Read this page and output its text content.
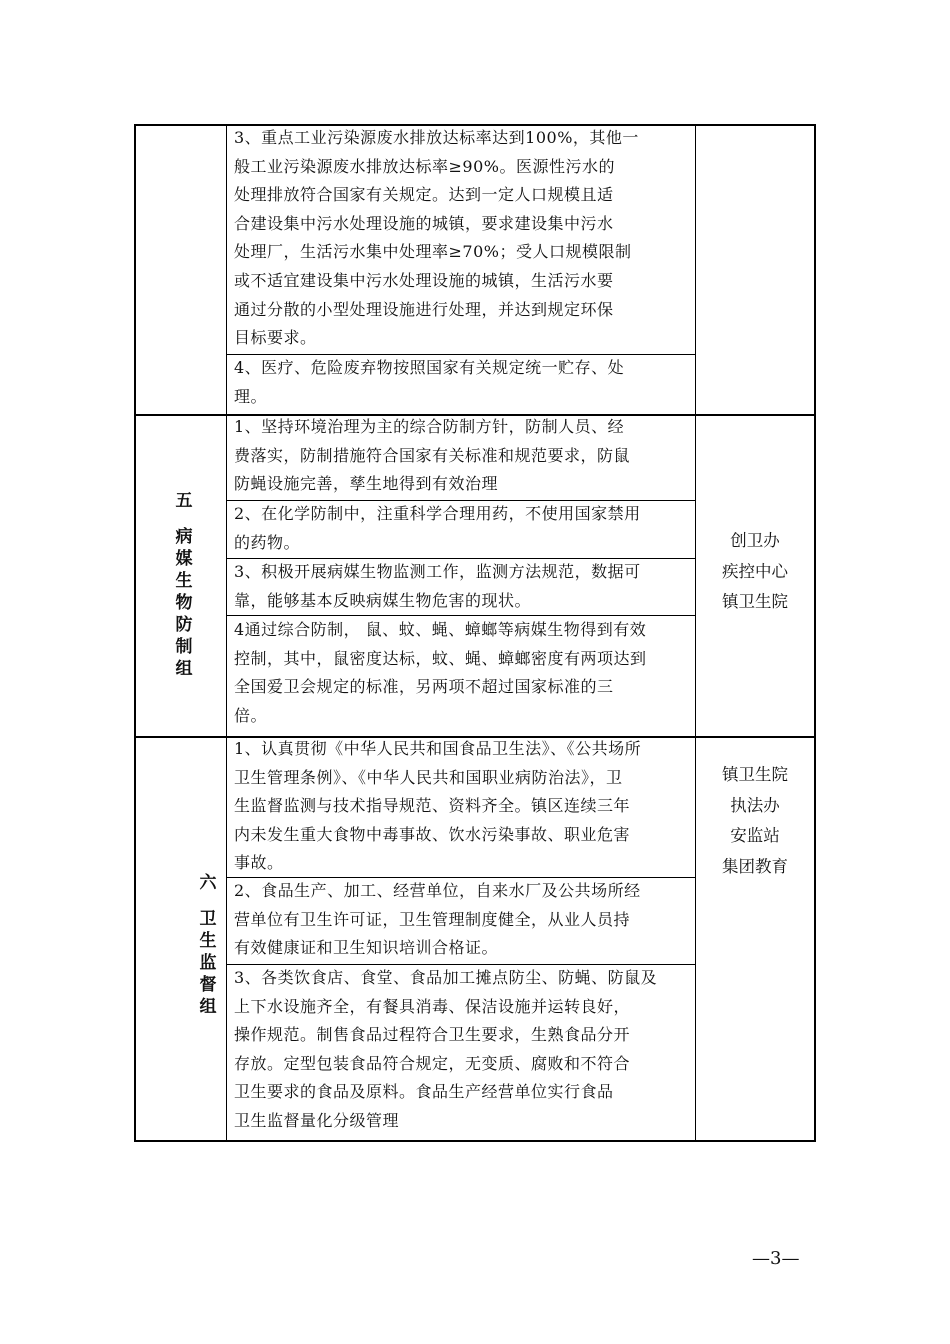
3、重点工业污染源废水排放达标率达到100%，其他一
般工业污染源废水排放达标率≥90%。医源性污水的
处理排放符合国家有关规定。达到一定人口规模且适
合建设集中污水处理设施的城镇，要求建设集中污水
处理厂，生活污水集中处理率≥70%；受人口规模限制
或不适宜建设集中污水处理设施的城镇，生活污水要
通过分散的小型处理设施进行处理，并达到规定环保
目标要求。
4、医疗、危险废弃物按照国家有关规定统一贮存、处
理。
五
病
媒
生
物
防
制
组
1、坚持环境治理为主的综合防制方针，防制人员、经
费落实，防制措施符合国家有关标准和规范要求，防鼠
防蝇设施完善，孳生地得到有效治理
2、在化学防制中，注重科学合理用药，不使用国家禁用
的药物。
3、积极开展病媒生物监测工作，监测方法规范，数据可
靠，能够基本反映病媒生物危害的现状。
4通过综合防制， 鼠、蚊、蝇、蟑螂等病媒生物得到有效
控制，其中，鼠密度达标，蚊、蝇、蟑螂密度有两项达到
全国爱卫会规定的标准，另两项不超过国家标准的三
倍。
创卫办
疾控中心
镇卫生院
六
卫
生
监
督
组
1、认真贯彻《中华人民共和国食品卫生法》、《公共场所
卫生管理条例》、《中华人民共和国职业病防治法》，卫
生监督监测与技术指导规范、资料齐全。镇区连续三年
内未发生重大食物中毒事故、饮水污染事故、职业危害
事故。
2、食品生产、加工、经营单位，自来水厂及公共场所经
营单位有卫生许可证，卫生管理制度健全，从业人员持
有效健康证和卫生知识培训合格证。
3、各类饮食店、食堂、食品加工摊点防尘、防蝇、防鼠及
上下水设施齐全，有餐具消毒、保洁设施并运转良好，
操作规范。制售食品过程符合卫生要求，生熟食品分开
存放。定型包装食品符合规定，无变质、腐败和不符合
卫生要求的食品及原料。食品生产经营单位实行食品
卫生监督量化分级管理
镇卫生院
执法办
安监站
集团教育
—3—
